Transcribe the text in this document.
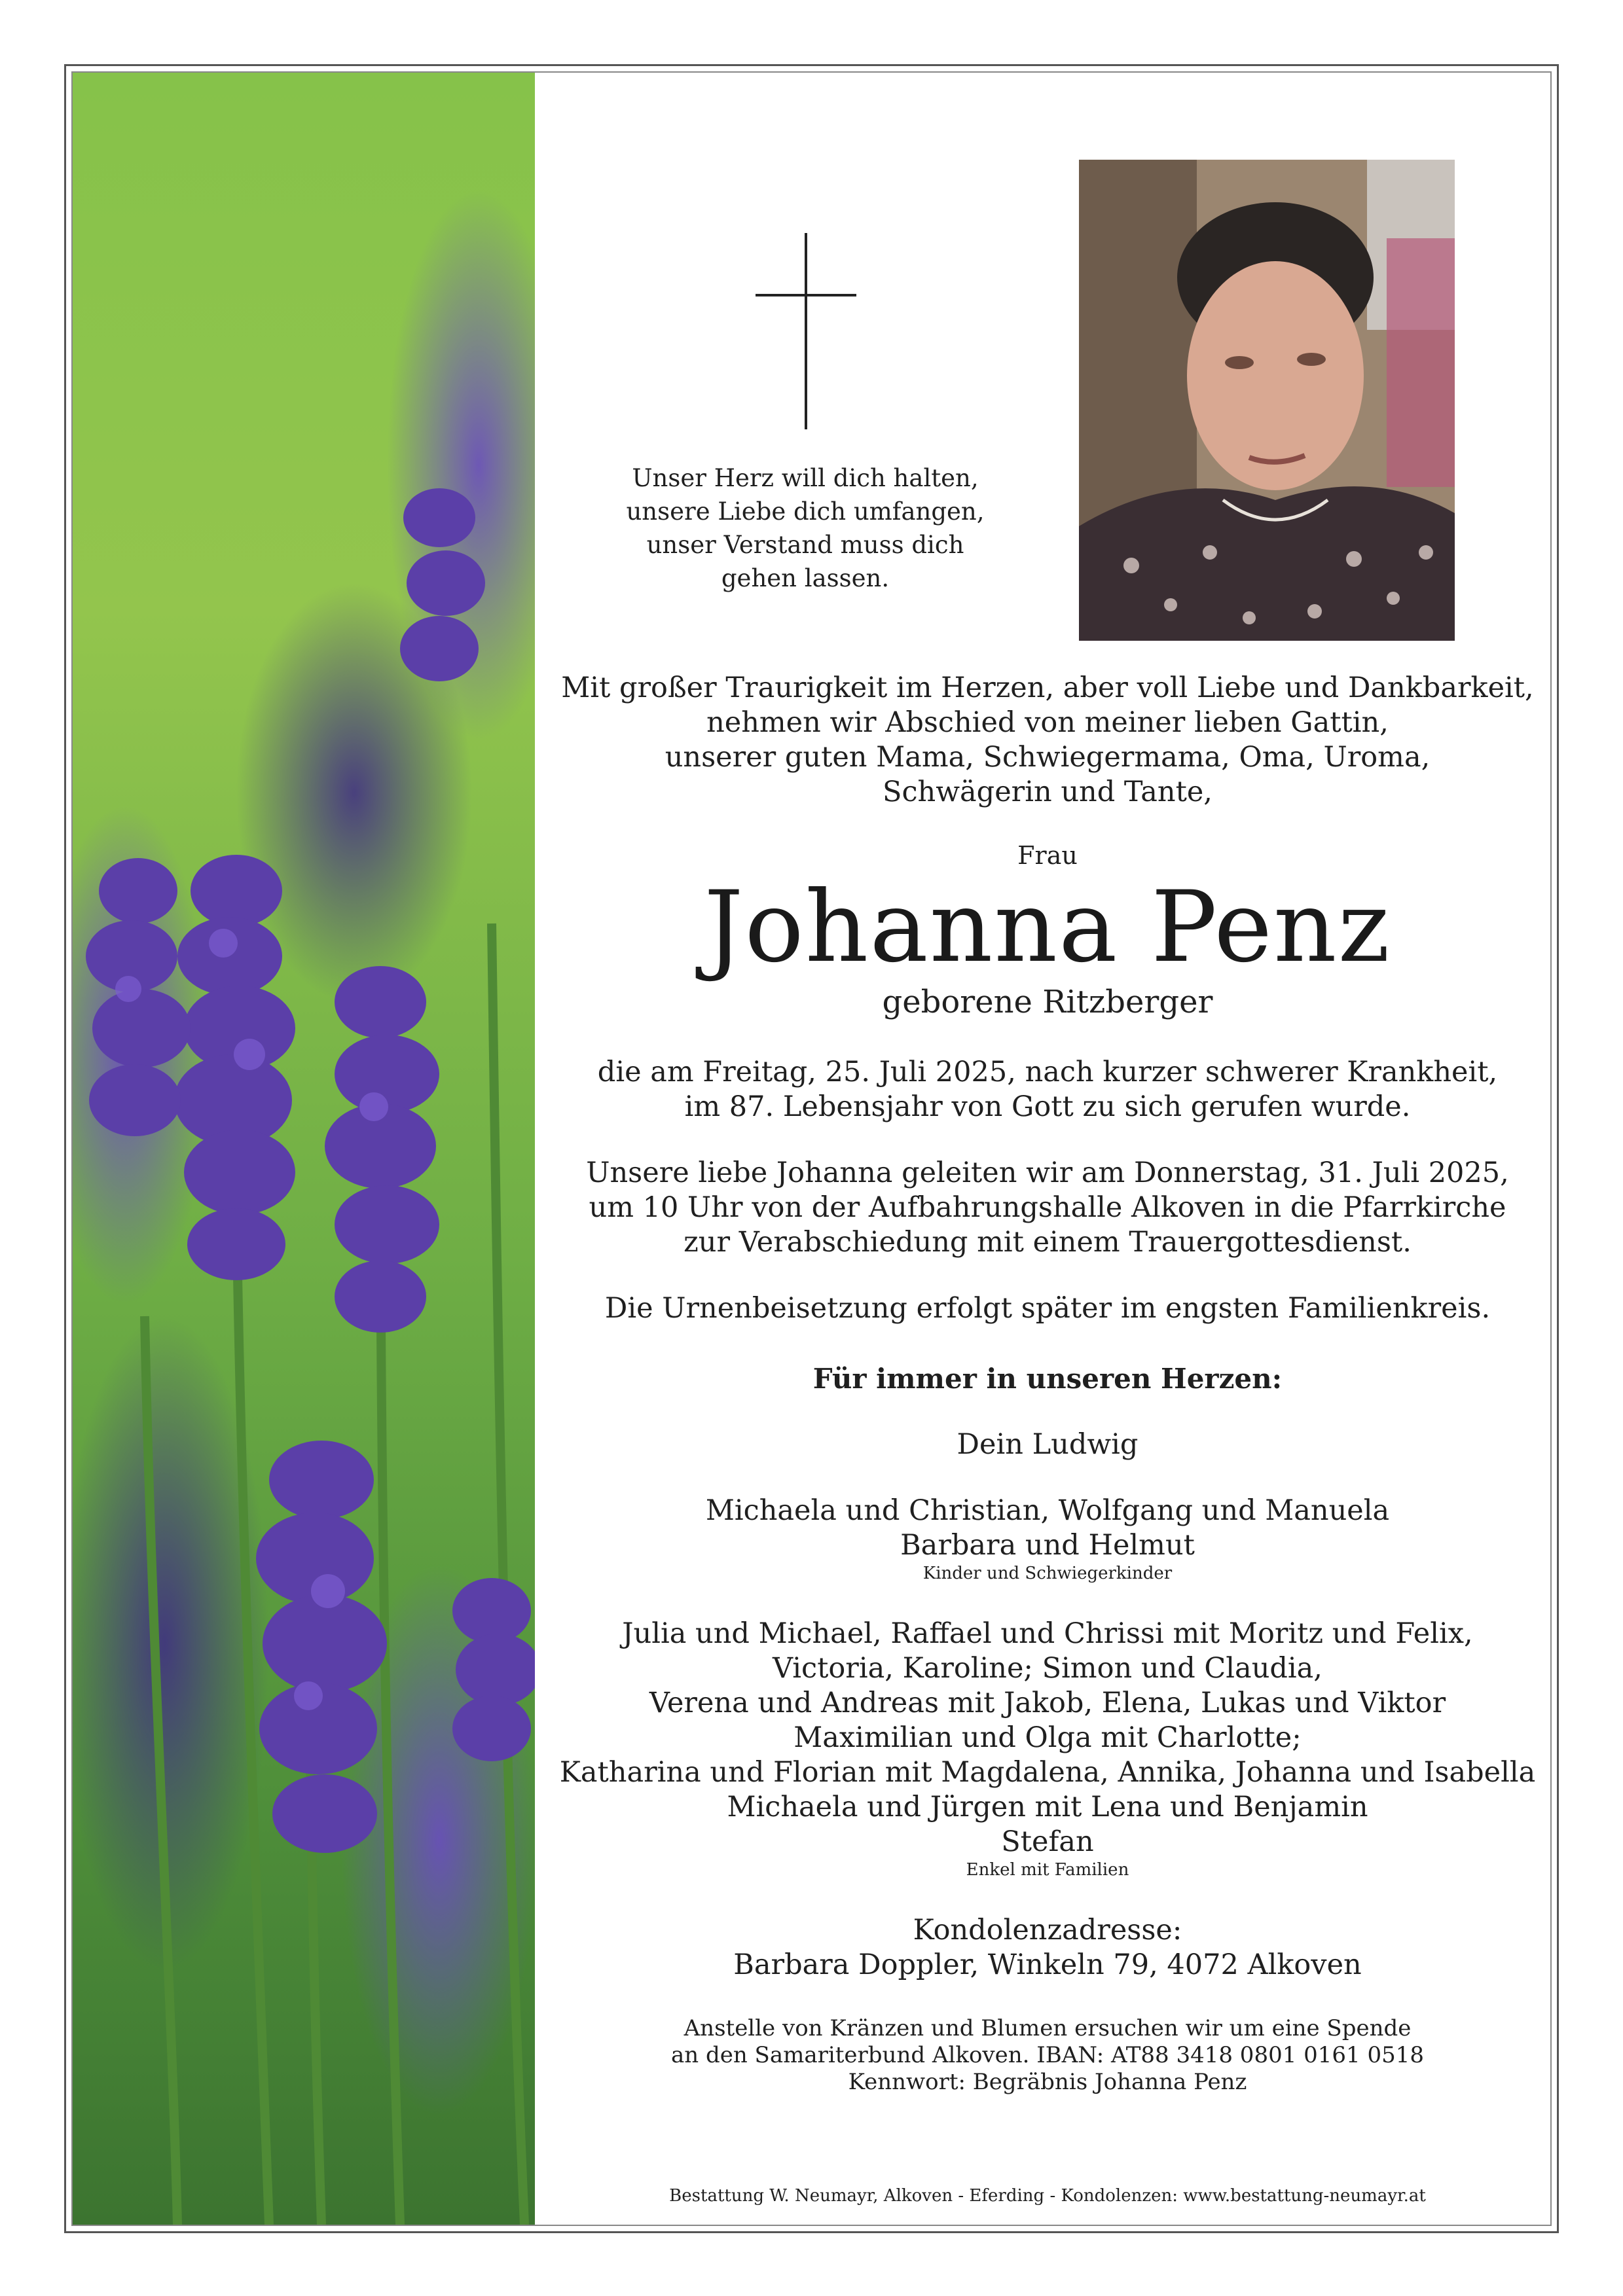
Unser Herz will dich halten,
unsere Liebe dich umfangen,
unser Verstand muss dich
gehen lassen.
Mit großer Traurigkeit im Herzen, aber voll Liebe und Dankbarkeit,
nehmen wir Abschied von meiner lieben Gattin,
unserer guten Mama, Schwiegermama, Oma, Uroma,
Schwägerin und Tante,
Frau
Johanna Penz
geborene Ritzberger
die am Freitag, 25. Juli 2025, nach kurzer schwerer Krankheit,
im 87. Lebensjahr von Gott zu sich gerufen wurde.
Unsere liebe Johanna geleiten wir am Donnerstag, 31. Juli 2025,
um 10 Uhr von der Aufbahrungshalle Alkoven in die Pfarrkirche
zur Verabschiedung mit einem Trauergottesdienst.
Die Urnenbeisetzung erfolgt später im engsten Familienkreis.
Für immer in unseren Herzen:
Dein Ludwig
Michaela und Christian, Wolfgang und Manuela
Barbara und Helmut
Kinder und Schwiegerkinder
Julia und Michael, Raffael und Chrissi mit Moritz und Felix,
Victoria, Karoline; Simon und Claudia,
Verena und Andreas mit Jakob, Elena, Lukas und Viktor
Maximilian und Olga mit Charlotte;
Katharina und Florian mit Magdalena, Annika, Johanna und Isabella
Michaela und Jürgen mit Lena und Benjamin
Stefan
Enkel mit Familien
Kondolenzadresse:
Barbara Doppler, Winkeln 79, 4072 Alkoven
Anstelle von Kränzen und Blumen ersuchen wir um eine Spende
an den Samariterbund Alkoven. IBAN: AT88 3418 0801 0161 0518
Kennwort: Begräbnis Johanna Penz
Bestattung W. Neumayr, Alkoven - Eferding - Kondolenzen: www.bestattung-neumayr.at
